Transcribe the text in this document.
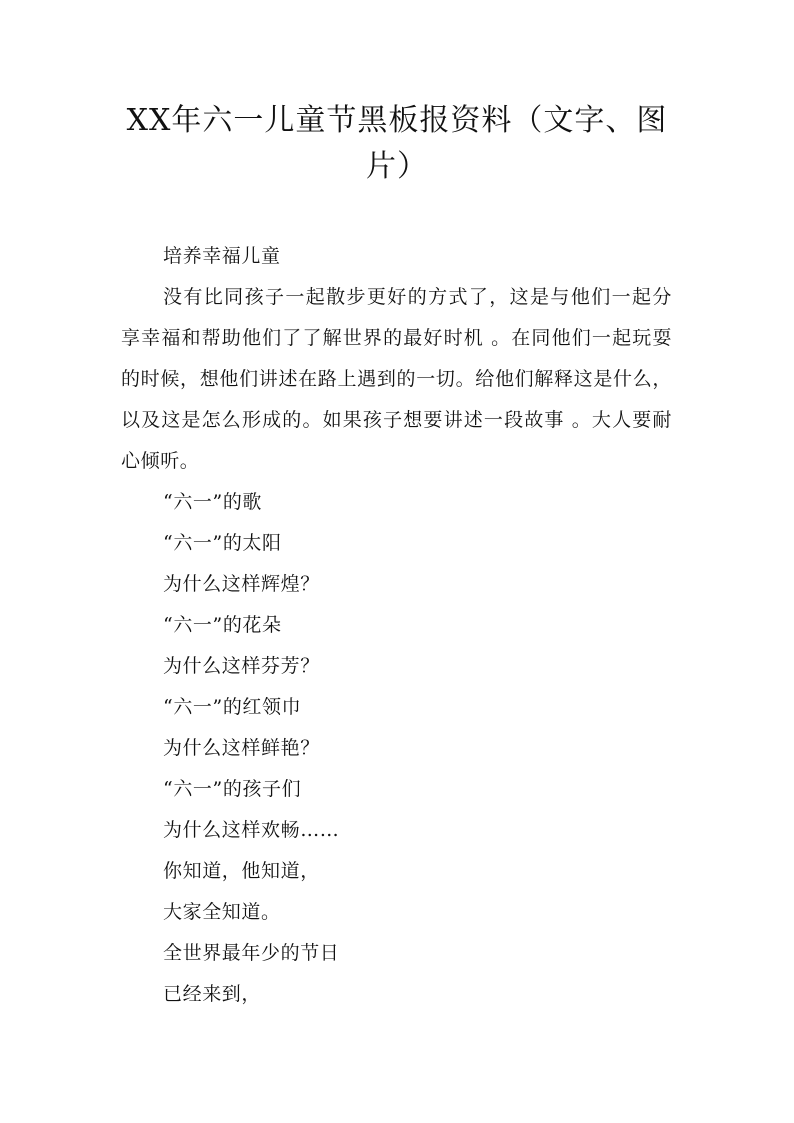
XX年六一儿童节黑板报资料（文字、图片）

培养幸福儿童

没有比同孩子一起散步更好的方式了，这是与他们一起分享幸福和帮助他们了了解世界的最好时机 。在同他们一起玩耍的时候，想他们讲述在路上遇到的一切。给他们解释这是什么，以及这是怎么形成的。如果孩子想要讲述一段故事 。大人要耐心倾听。

“六一”的歌

“六一”的太阳

为什么这样辉煌？

“六一”的花朵

为什么这样芬芳？

“六一”的红领巾

为什么这样鲜艳？

“六一”的孩子们

为什么这样欢畅……

你知道，他知道，

大家全知道。

全世界最年少的节日

已经来到，
